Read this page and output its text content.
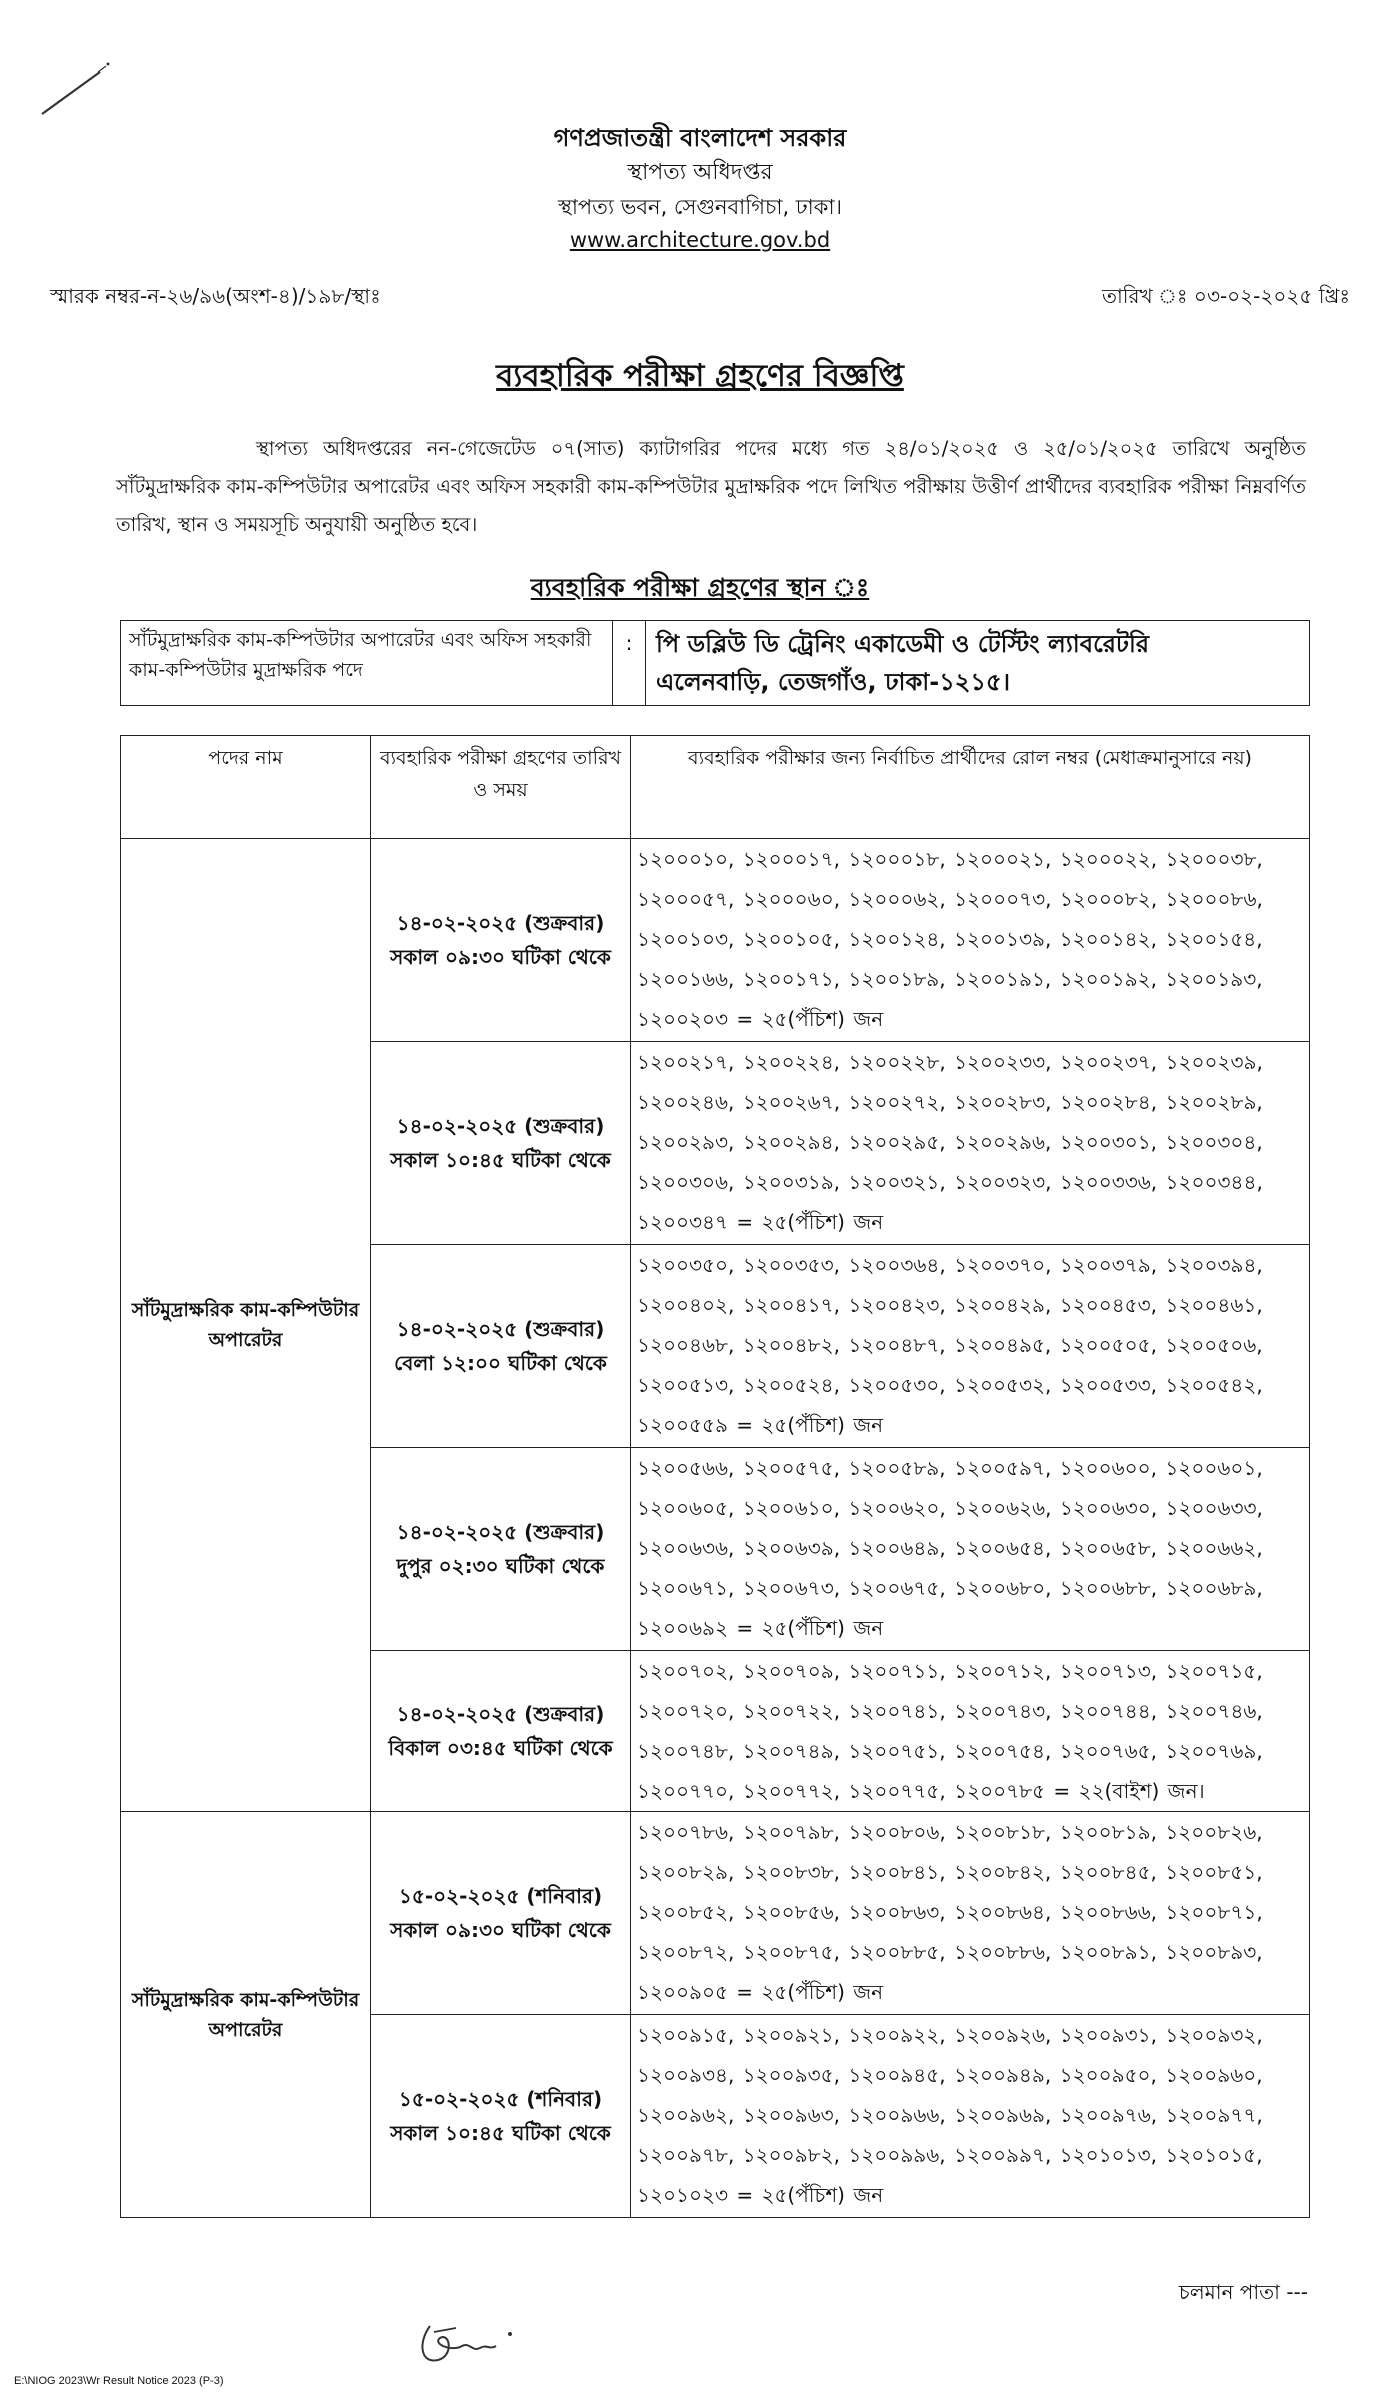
গণপ্রজাতন্ত্রী বাংলাদেশ সরকার
স্থাপত্য অধিদপ্তর
স্থাপত্য ভবন, সেগুনবাগিচা, ঢাকা।
www.architecture.gov.bd
স্মারক নম্বর-ন-২৬/৯৬(অংশ-৪)/১৯৮/স্থাঃ	তারিখ ঃ ০৩-০২-২০২৫ খ্রিঃ
ব্যবহারিক পরীক্ষা গ্রহণের বিজ্ঞপ্তি
স্থাপত্য অধিদপ্তরের নন-গেজেটেড ০৭(সাত) ক্যাটাগরির পদের মধ্যে গত ২৪/০১/২০২৫ ও ২৫/০১/২০২৫ তারিখে অনুষ্ঠিত সাঁটমুদ্রাক্ষরিক কাম-কম্পিউটার অপারেটর এবং অফিস সহকারী কাম-কম্পিউটার মুদ্রাক্ষরিক পদে লিখিত পরীক্ষায় উত্তীর্ণ প্রার্থীদের ব্যবহারিক পরীক্ষা নিম্নবর্ণিত তারিখ, স্থান ও সময়সূচি অনুযায়ী অনুষ্ঠিত হবে।
ব্যবহারিক পরীক্ষা গ্রহণের স্থান ঃ
সাঁটমুদ্রাক্ষরিক কাম-কম্পিউটার অপারেটর এবং অফিস সহকারী কাম-কম্পিউটার মুদ্রাক্ষরিক পদে	:	পি ডব্লিউ ডি ট্রেনিং একাডেমী ও টেস্টিং ল্যাবরেটরি
এলেনবাড়ি, তেজগাঁও, ঢাকা-১২১৫।
পদের নাম	ব্যবহারিক পরীক্ষা গ্রহণের তারিখ ও সময়	ব্যবহারিক পরীক্ষার জন্য নির্বাচিত প্রার্থীদের রোল নম্বর (মেধাক্রমানুসারে নয়)
সাঁটমুদ্রাক্ষরিক কাম-কম্পিউটার অপারেটর	১৪-০২-২০২৫ (শুক্রবার)
সকাল ০৯:৩০ ঘটিকা থেকে	১২০০০১০, ১২০০০১৭, ১২০০০১৮, ১২০০০২১, ১২০০০২২, ১২০০০৩৮, ১২০০০৫৭, ১২০০০৬০, ১২০০০৬২, ১২০০০৭৩, ১২০০০৮২, ১২০০০৮৬, ১২০০১০৩, ১২০০১০৫, ১২০০১২৪, ১২০০১৩৯, ১২০০১৪২, ১২০০১৫৪, ১২০০১৬৬, ১২০০১৭১, ১২০০১৮৯, ১২০০১৯১, ১২০০১৯২, ১২০০১৯৩, ১২০০২০৩ = ২৫(পঁচিশ) জন

	১৪-০২-২০২৫ (শুক্রবার)
সকাল ১০:৪৫ ঘটিকা থেকে	১২০০২১৭, ১২০০২২৪, ১২০০২২৮, ১২০০২৩৩, ১২০০২৩৭, ১২০০২৩৯, ১২০০২৪৬, ১২০০২৬৭, ১২০০২৭২, ১২০০২৮৩, ১২০০২৮৪, ১২০০২৮৯, ১২০০২৯৩, ১২০০২৯৪, ১২০০২৯৫, ১২০০২৯৬, ১২০০৩০১, ১২০০৩০৪, ১২০০৩০৬, ১২০০৩১৯, ১২০০৩২১, ১২০০৩২৩, ১২০০৩৩৬, ১২০০৩৪৪, ১২০০৩৪৭ = ২৫(পঁচিশ) জন

	১৪-০২-২০২৫ (শুক্রবার)
বেলা ১২:০০ ঘটিকা থেকে	১২০০৩৫০, ১২০০৩৫৩, ১২০০৩৬৪, ১২০০৩৭০, ১২০০৩৭৯, ১২০০৩৯৪, ১২০০৪০২, ১২০০৪১৭, ১২০০৪২৩, ১২০০৪২৯, ১২০০৪৫৩, ১২০০৪৬১, ১২০০৪৬৮, ১২০০৪৮২, ১২০০৪৮৭, ১২০০৪৯৫, ১২০০৫০৫, ১২০০৫০৬, ১২০০৫১৩, ১২০০৫২৪, ১২০০৫৩০, ১২০০৫৩২, ১২০০৫৩৩, ১২০০৫৪২, ১২০০৫৫৯ = ২৫(পঁচিশ) জন

	১৪-০২-২০২৫ (শুক্রবার)
দুপুর ০২:৩০ ঘটিকা থেকে	১২০০৫৬৬, ১২০০৫৭৫, ১২০০৫৮৯, ১২০০৫৯৭, ১২০০৬০০, ১২০০৬০১, ১২০০৬০৫, ১২০০৬১০, ১২০০৬২০, ১২০০৬২৬, ১২০০৬৩০, ১২০০৬৩৩, ১২০০৬৩৬, ১২০০৬৩৯, ১২০০৬৪৯, ১২০০৬৫৪, ১২০০৬৫৮, ১২০০৬৬২, ১২০০৬৭১, ১২০০৬৭৩, ১২০০৬৭৫, ১২০০৬৮০, ১২০০৬৮৮, ১২০০৬৮৯, ১২০০৬৯২ = ২৫(পঁচিশ) জন

	১৪-০২-২০২৫ (শুক্রবার)
বিকাল ০৩:৪৫ ঘটিকা থেকে	১২০০৭০২, ১২০০৭০৯, ১২০০৭১১, ১২০০৭১২, ১২০০৭১৩, ১২০০৭১৫, ১২০০৭২০, ১২০০৭২২, ১২০০৭৪১, ১২০০৭৪৩, ১২০০৭৪৪, ১২০০৭৪৬, ১২০০৭৪৮, ১২০০৭৪৯, ১২০০৭৫১, ১২০০৭৫৪, ১২০০৭৬৫, ১২০০৭৬৯, ১২০০৭৭০, ১২০০৭৭২, ১২০০৭৭৫, ১২০০৭৮৫ = ২২(বাইশ) জন।
সাঁটমুদ্রাক্ষরিক কাম-কম্পিউটার অপারেটর	১৫-০২-২০২৫ (শনিবার)
সকাল ০৯:৩০ ঘটিকা থেকে	১২০০৭৮৬, ১২০০৭৯৮, ১২০০৮০৬, ১২০০৮১৮, ১২০০৮১৯, ১২০০৮২৬, ১২০০৮২৯, ১২০০৮৩৮, ১২০০৮৪১, ১২০০৮৪২, ১২০০৮৪৫, ১২০০৮৫১, ১২০০৮৫২, ১২০০৮৫৬, ১২০০৮৬৩, ১২০০৮৬৪, ১২০০৮৬৬, ১২০০৮৭১, ১২০০৮৭২, ১২০০৮৭৫, ১২০০৮৮৫, ১২০০৮৮৬, ১২০০৮৯১, ১২০০৮৯৩, ১২০০৯০৫ = ২৫(পঁচিশ) জন

	১৫-০২-২০২৫ (শনিবার)
সকাল ১০:৪৫ ঘটিকা থেকে	১২০০৯১৫, ১২০০৯২১, ১২০০৯২২, ১২০০৯২৬, ১২০০৯৩১, ১২০০৯৩২, ১২০০৯৩৪, ১২০০৯৩৫, ১২০০৯৪৫, ১২০০৯৪৯, ১২০০৯৫০, ১২০০৯৬০, ১২০০৯৬২, ১২০০৯৬৩, ১২০০৯৬৬, ১২০০৯৬৯, ১২০০৯৭৬, ১২০০৯৭৭, ১২০০৯৭৮, ১২০০৯৮২, ১২০০৯৯৬, ১২০০৯৯৭, ১২০১০১৩, ১২০১০১৫, ১২০১০২৩ = ২৫(পঁচিশ) জন
চলমান পাতা ---
E:\NIOG 2023\Wr Result Notice 2023 (P-3)
